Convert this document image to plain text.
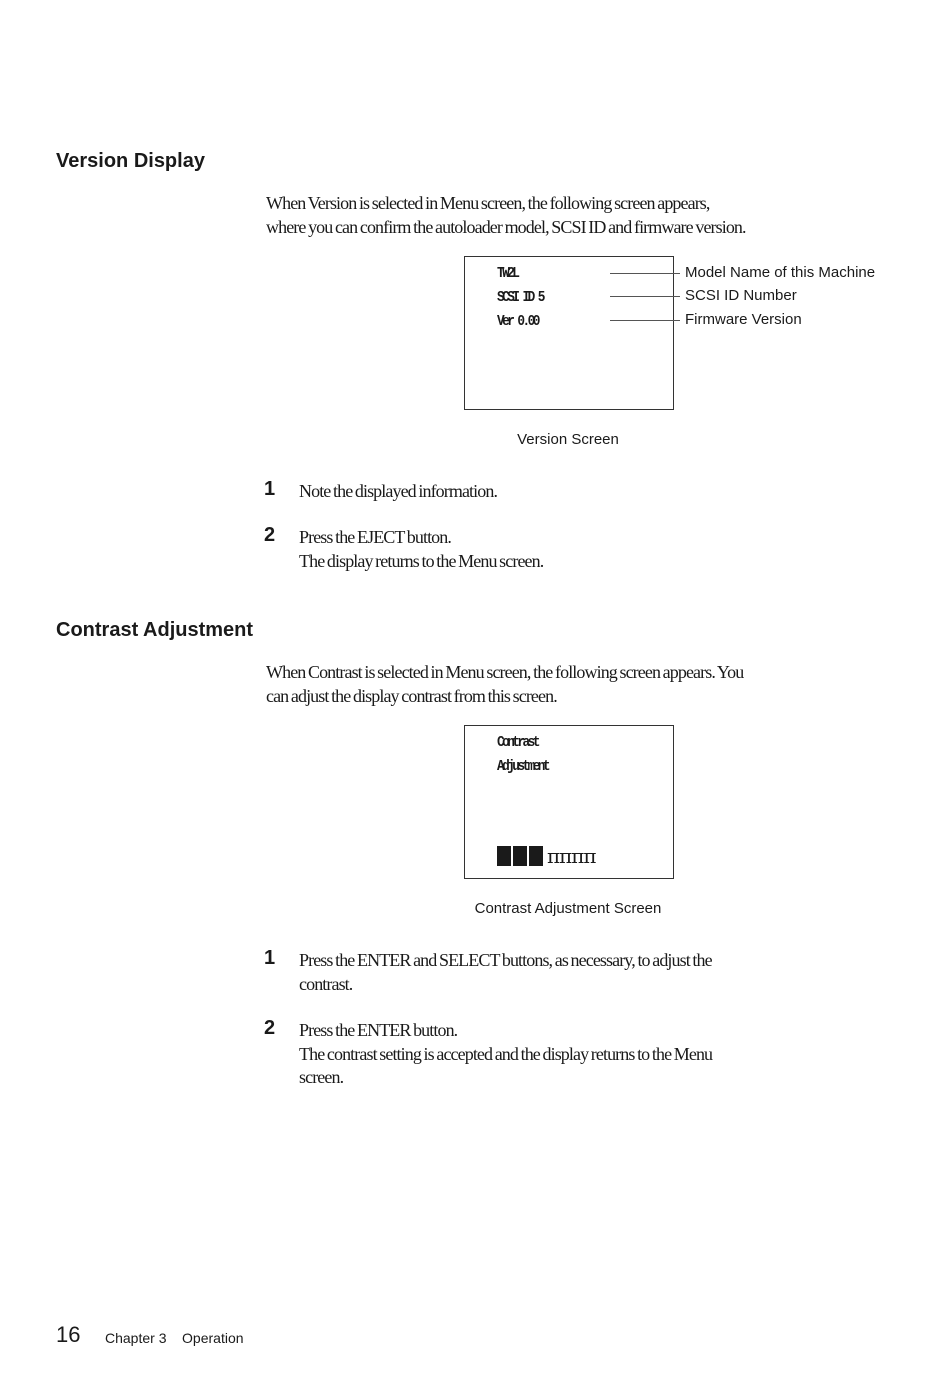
Version Display

When Version is selected in Menu screen, the following screen appears,
where you can confirm the autoloader model, SCSI ID and firmware version.

TW2L
SCSI ID 5
Ver 0.00
Model Name of this Machine
SCSI ID Number
Firmware Version
Version Screen
1 Note the displayed information.

2 Press the EJECT button.
The display returns to the Menu screen.

Contrast Adjustment

When Contrast is selected in Menu screen, the following screen appears. You
can adjust the display contrast from this screen.

Contrast
Adjustment
ππππ
Contrast Adjustment Screen
1 Press the ENTER and SELECT buttons, as necessary, to adjust the
contrast.

2 Press the ENTER button.
The contrast setting is accepted and the display returns to the Menu
screen.

16 Chapter 3    Operation
